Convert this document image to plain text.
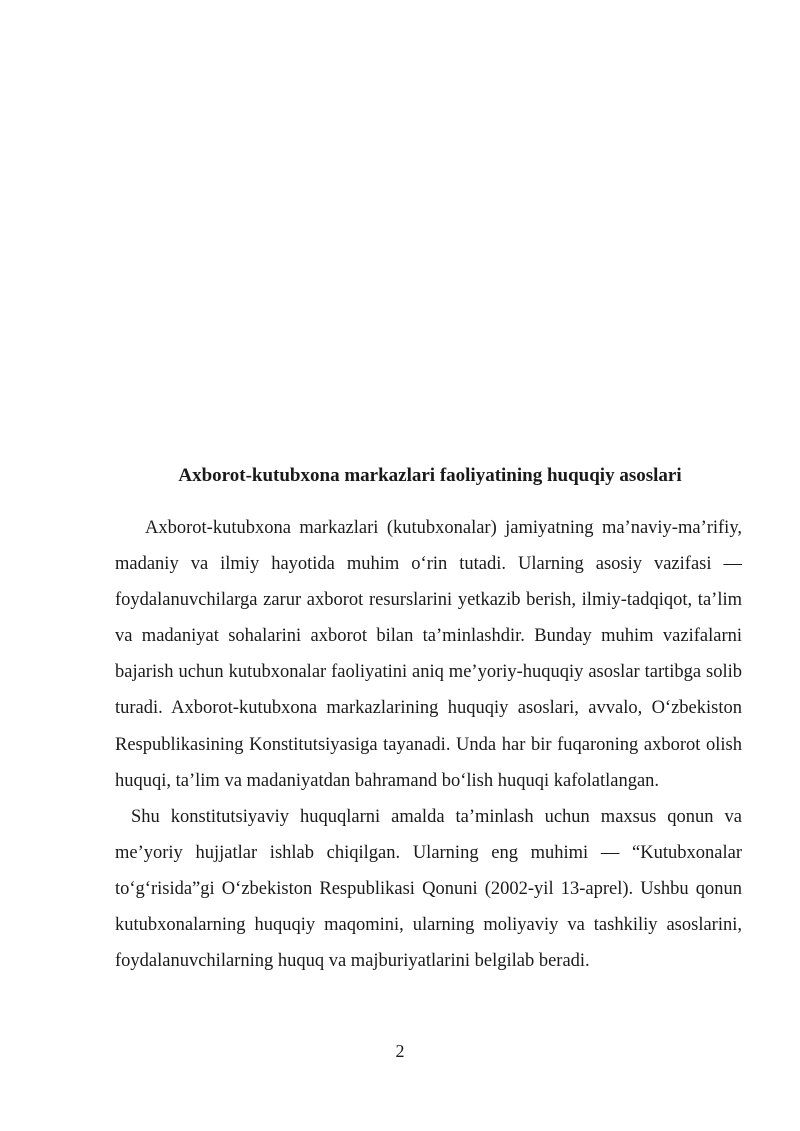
Axborot-kutubxona markazlari faoliyatining huquqiy asoslari

Axborot-kutubxona markazlari (kutubxonalar) jamiyatning ma’naviy-ma’rifiy, madaniy va ilmiy hayotida muhim o‘rin tutadi. Ularning asosiy vazifasi — foydalanuvchilarga zarur axborot resurslarini yetkazib berish, ilmiy-tadqiqot, ta’lim va madaniyat sohalarini axborot bilan ta’minlashdir. Bunday muhim vazifalarni bajarish uchun kutubxonalar faoliyatini aniq me’yoriy-huquqiy asoslar tartibga solib turadi. Axborot-kutubxona markazlarining huquqiy asoslari, avvalo, O‘zbekiston Respublikasining Konstitutsiyasiga tayanadi. Unda har bir fuqaroning axborot olish huquqi, ta’lim va madaniyatdan bahramand bo‘lish huquqi kafolatlangan.

Shu konstitutsiyaviy huquqlarni amalda ta’minlash uchun maxsus qonun va me’yoriy hujjatlar ishlab chiqilgan. Ularning eng muhimi — “Kutubxonalar to‘g‘risida”gi O‘zbekiston Respublikasi Qonuni (2002-yil 13-aprel). Ushbu qonun kutubxonalarning huquqiy maqomini, ularning moliyaviy va tashkiliy asoslarini, foydalanuvchilarning huquq va majburiyatlarini belgilab beradi.

2
